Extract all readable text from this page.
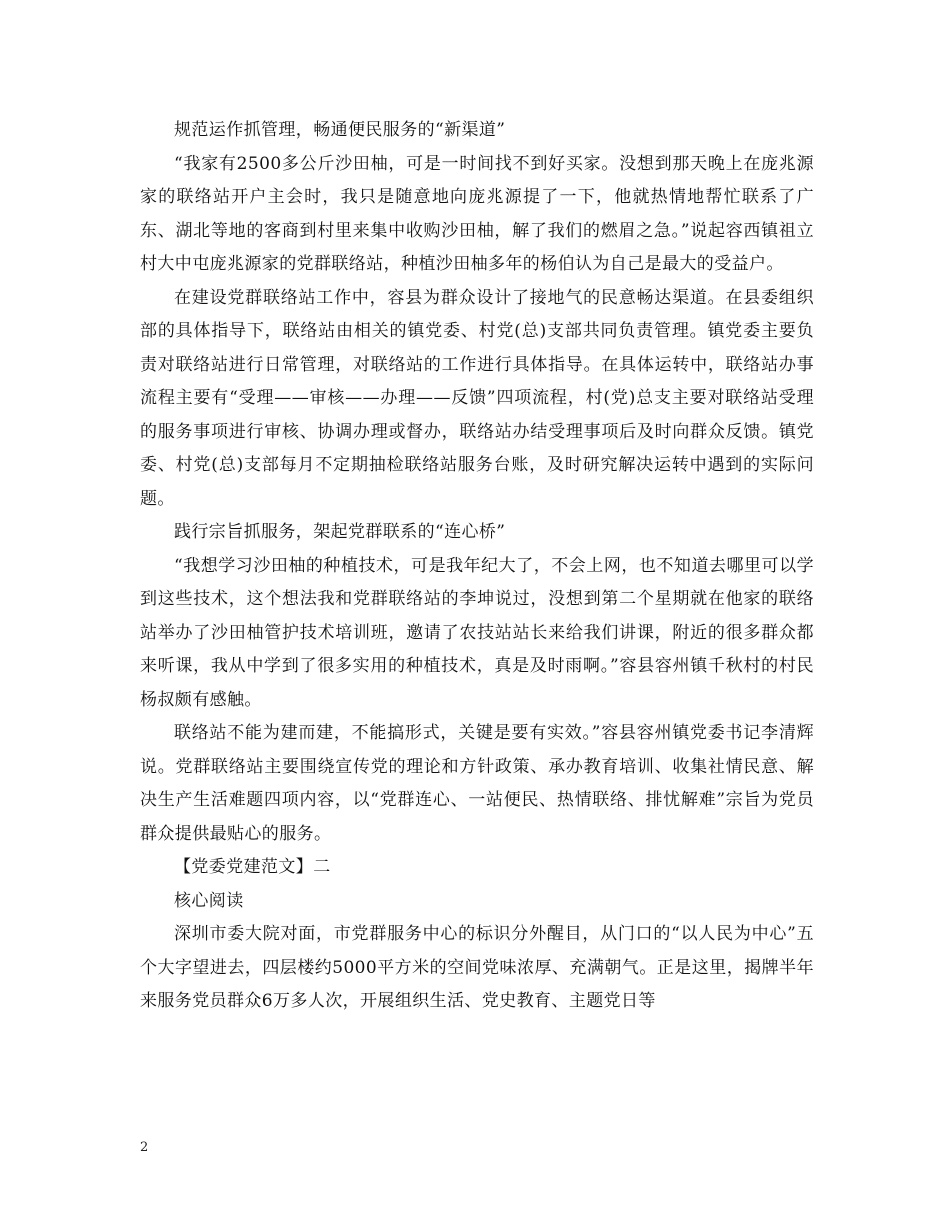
规范运作抓管理，畅通便民服务的“新渠道”

“我家有2500多公斤沙田柚，可是一时间找不到好买家。没想到那天晚上在庞兆源家的联络站开户主会时，我只是随意地向庞兆源提了一下，他就热情地帮忙联系了广东、湖北等地的客商到村里来集中收购沙田柚，解了我们的燃眉之急。”说起容西镇祖立村大中屯庞兆源家的党群联络站，种植沙田柚多年的杨伯认为自己是最大的受益户。

在建设党群联络站工作中，容县为群众设计了接地气的民意畅达渠道。在县委组织部的具体指导下，联络站由相关的镇党委、村党(总)支部共同负责管理。镇党委主要负责对联络站进行日常管理，对联络站的工作进行具体指导。在具体运转中，联络站办事流程主要有“受理——审核——办理——反馈”四项流程，村(党)总支主要对联络站受理的服务事项进行审核、协调办理或督办，联络站办结受理事项后及时向群众反馈。镇党委、村党(总)支部每月不定期抽检联络站服务台账，及时研究解决运转中遇到的实际问题。

践行宗旨抓服务，架起党群联系的“连心桥”

“我想学习沙田柚的种植技术，可是我年纪大了，不会上网，也不知道去哪里可以学到这些技术，这个想法我和党群联络站的李坤说过，没想到第二个星期就在他家的联络站举办了沙田柚管护技术培训班，邀请了农技站站长来给我们讲课，附近的很多群众都来听课，我从中学到了很多实用的种植技术，真是及时雨啊。”容县容州镇千秋村的村民杨叔颇有感触。

联络站不能为建而建，不能搞形式，关键是要有实效。”容县容州镇党委书记李清辉说。党群联络站主要围绕宣传党的理论和方针政策、承办教育培训、收集社情民意、解决生产生活难题四项内容，以“党群连心、一站便民、热情联络、排忧解难”宗旨为党员群众提供最贴心的服务。

【党委党建范文】二

核心阅读

深圳市委大院对面，市党群服务中心的标识分外醒目，从门口的“以人民为中心”五个大字望进去，四层楼约5000平方米的空间党味浓厚、充满朝气。正是这里，揭牌半年来服务党员群众6万多人次，开展组织生活、党史教育、主题党日等

2
